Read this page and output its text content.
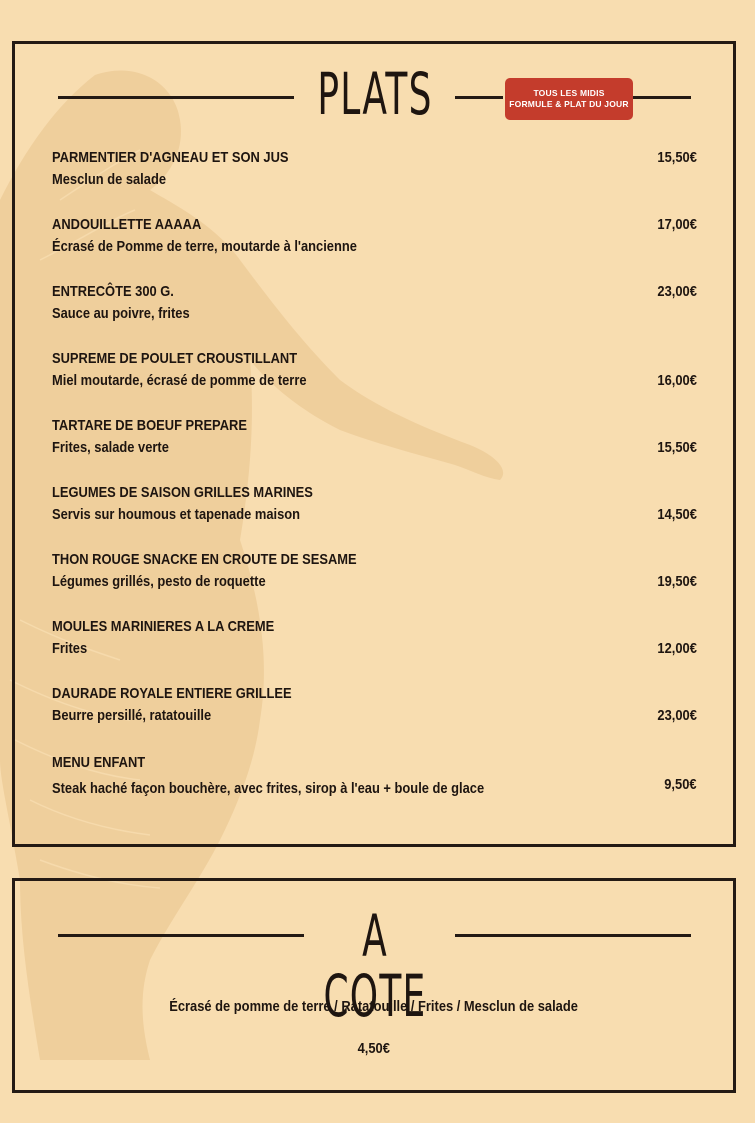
PLATS	TOUS LES MIDIS
FORMULE & PLAT DU JOUR
PARMENTIER D'AGNEAU ET SON JUS
Mesclun de salade
15,50€
ANDOUILLETTE AAAAA
Écrasé de Pomme de terre, moutarde à l'ancienne
17,00€
ENTRECÔTE 300 G.
Sauce au poivre, frites
23,00€
SUPREME DE POULET CROUSTILLANT
Miel moutarde, écrasé de pomme de terre	16,00€
TARTARE DE BOEUF PREPARE
Frites, salade verte	15,50€
LEGUMES DE SAISON GRILLES MARINES
Servis sur houmous et tapenade maison	14,50€
THON ROUGE SNACKE EN CROUTE DE SESAME
Légumes grillés, pesto de roquette	19,50€
MOULES MARINIERES A LA CREME
Frites	12,00€
DAURADE ROYALE ENTIERE GRILLEE
Beurre persillé, ratatouille	23,00€
MENU ENFANT
Steak haché façon bouchère, avec frites, sirop à l'eau + boule de glace	9,50€
A COTE
Écrasé de pomme de terre / Ratatouille / Frites / Mesclun de salade
4,50€
